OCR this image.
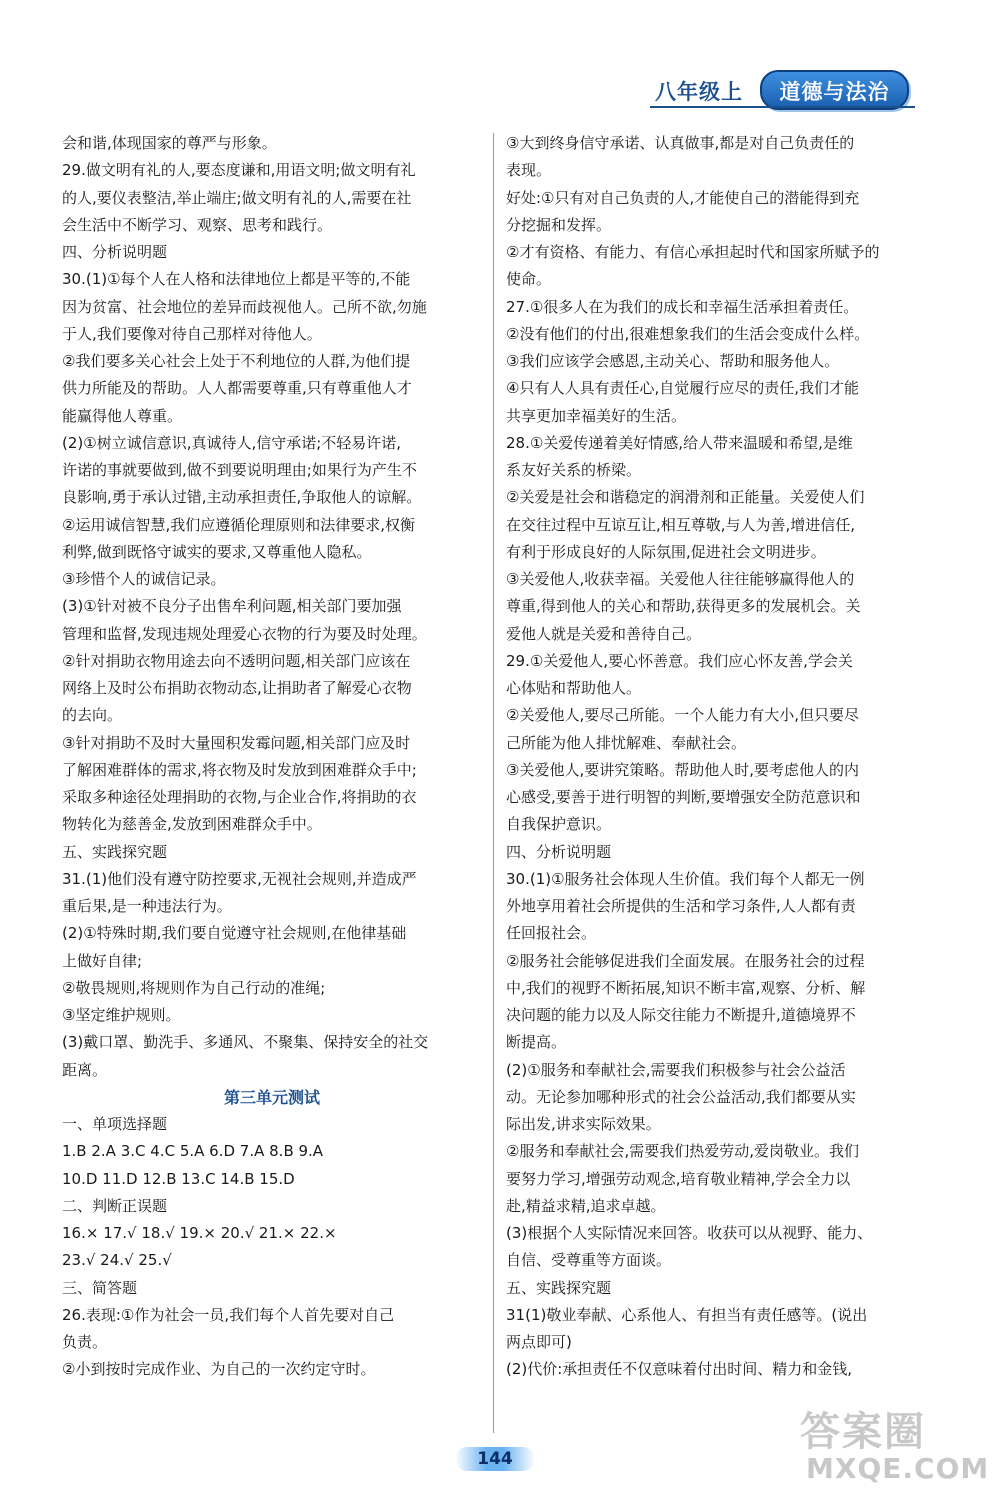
八年级上	道德与法治
会和谐,体现国家的尊严与形象。
29.做文明有礼的人,要态度谦和,用语文明;做文明有礼
的人,要仪表整洁,举止端庄;做文明有礼的人,需要在社
会生活中不断学习、观察、思考和践行。
四、分析说明题
30.(1)①每个人在人格和法律地位上都是平等的,不能
因为贫富、社会地位的差异而歧视他人。己所不欲,勿施
于人,我们要像对待自己那样对待他人。
②我们要多关心社会上处于不利地位的人群,为他们提
供力所能及的帮助。人人都需要尊重,只有尊重他人才
能赢得他人尊重。
(2)①树立诚信意识,真诚待人,信守承诺;不轻易许诺,
许诺的事就要做到,做不到要说明理由;如果行为产生不
良影响,勇于承认过错,主动承担责任,争取他人的谅解。
②运用诚信智慧,我们应遵循伦理原则和法律要求,权衡
利弊,做到既恪守诚实的要求,又尊重他人隐私。
③珍惜个人的诚信记录。
(3)①针对被不良分子出售牟利问题,相关部门要加强
管理和监督,发现违规处理爱心衣物的行为要及时处理。
②针对捐助衣物用途去向不透明问题,相关部门应该在
网络上及时公布捐助衣物动态,让捐助者了解爱心衣物
的去向。
③针对捐助不及时大量囤积发霉问题,相关部门应及时
了解困难群体的需求,将衣物及时发放到困难群众手中;
采取多种途径处理捐助的衣物,与企业合作,将捐助的衣
物转化为慈善金,发放到困难群众手中。
五、实践探究题
31.(1)他们没有遵守防控要求,无视社会规则,并造成严
重后果,是一种违法行为。
(2)①特殊时期,我们要自觉遵守社会规则,在他律基础
上做好自律;
②敬畏规则,将规则作为自己行动的准绳;
③坚定维护规则。
(3)戴口罩、勤洗手、多通风、不聚集、保持安全的社交
距离。
第三单元测试
一、单项选择题
1.B 2.A 3.C 4.C 5.A 6.D 7.A 8.B 9.A
10.D 11.D 12.B 13.C 14.B 15.D
二、判断正误题
16.× 17.√ 18.√ 19.× 20.√ 21.× 22.×
23.√ 24.√ 25.√
三、简答题
26.表现:①作为社会一员,我们每个人首先要对自己
负责。
②小到按时完成作业、为自己的一次约定守时。
③大到终身信守承诺、认真做事,都是对自己负责任的
表现。
好处:①只有对自己负责的人,才能使自己的潜能得到充
分挖掘和发挥。
②才有资格、有能力、有信心承担起时代和国家所赋予的
使命。
27.①很多人在为我们的成长和幸福生活承担着责任。
②没有他们的付出,很难想象我们的生活会变成什么样。
③我们应该学会感恩,主动关心、帮助和服务他人。
④只有人人具有责任心,自觉履行应尽的责任,我们才能
共享更加幸福美好的生活。
28.①关爱传递着美好情感,给人带来温暖和希望,是维
系友好关系的桥梁。
②关爱是社会和谐稳定的润滑剂和正能量。关爱使人们
在交往过程中互谅互让,相互尊敬,与人为善,增进信任,
有利于形成良好的人际氛围,促进社会文明进步。
③关爱他人,收获幸福。关爱他人往往能够赢得他人的
尊重,得到他人的关心和帮助,获得更多的发展机会。关
爱他人就是关爱和善待自己。
29.①关爱他人,要心怀善意。我们应心怀友善,学会关
心体贴和帮助他人。
②关爱他人,要尽己所能。一个人能力有大小,但只要尽
己所能为他人排忧解难、奉献社会。
③关爱他人,要讲究策略。帮助他人时,要考虑他人的内
心感受,要善于进行明智的判断,要增强安全防范意识和
自我保护意识。
四、分析说明题
30.(1)①服务社会体现人生价值。我们每个人都无一例
外地享用着社会所提供的生活和学习条件,人人都有责
任回报社会。
②服务社会能够促进我们全面发展。在服务社会的过程
中,我们的视野不断拓展,知识不断丰富,观察、分析、解
决问题的能力以及人际交往能力不断提升,道德境界不
断提高。
(2)①服务和奉献社会,需要我们积极参与社会公益活
动。无论参加哪种形式的社会公益活动,我们都要从实
际出发,讲求实际效果。
②服务和奉献社会,需要我们热爱劳动,爱岗敬业。我们
要努力学习,增强劳动观念,培育敬业精神,学会全力以
赴,精益求精,追求卓越。
(3)根据个人实际情况来回答。收获可以从视野、能力、
自信、受尊重等方面谈。
五、实践探究题
31(1)敬业奉献、心系他人、有担当有责任感等。(说出
两点即可)
(2)代价:承担责任不仅意味着付出时间、精力和金钱,
144
答案圈
MXQE.COM
